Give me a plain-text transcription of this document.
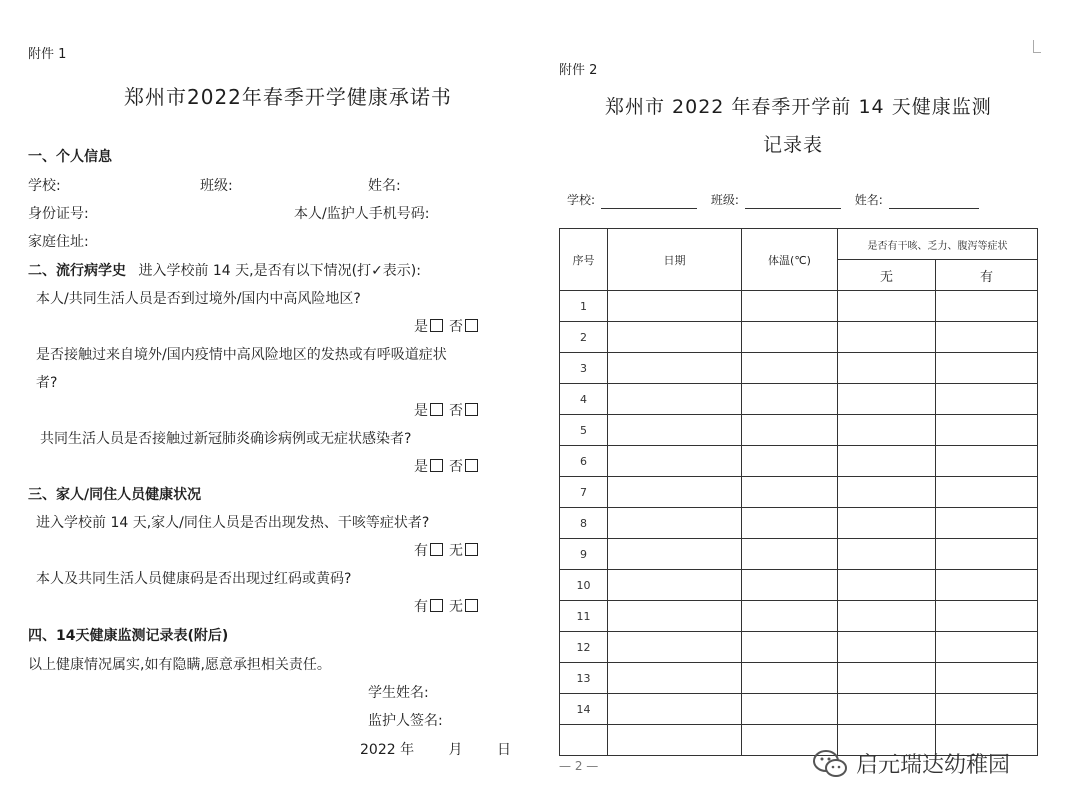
附件 1
郑州市2022年春季开学健康承诺书
一、个人信息
学校:	班级:	姓名:
身份证号:	本人/监护人手机号码:
家庭住址:
二、流行病学史 进入学校前 14 天,是否有以下情况(打✓表示):
本人/共同生活人员是否到过境外/国内中高风险地区?
是 否
是否接触过来自境外/国内疫情中高风险地区的发热或有呼吸道症状
者?
是 否
共同生活人员是否接触过新冠肺炎确诊病例或无症状感染者?
是 否
三、家人/同住人员健康状况
进入学校前 14 天,家人/同住人员是否出现发热、干咳等症状者?
有 无
本人及共同生活人员健康码是否出现过红码或黄码?
有 无
四、14天健康监测记录表(附后)
以上健康情况属实,如有隐瞒,愿意承担相关责任。
学生姓名:
监护人签名:
2022 年 月 日
附件 2
郑州市 2022 年春季开学前 14 天健康监测
记录表
学校:	班级:	姓名:
序号	日期	体温(℃)	是否有干咳、乏力、腹泻等症状	
			无	有
1				
2				
3				
4				
5				
6				
7				
8				
9				
10				
11				
12				
13				
14				

— 2 —	启元瑞达幼稚园
